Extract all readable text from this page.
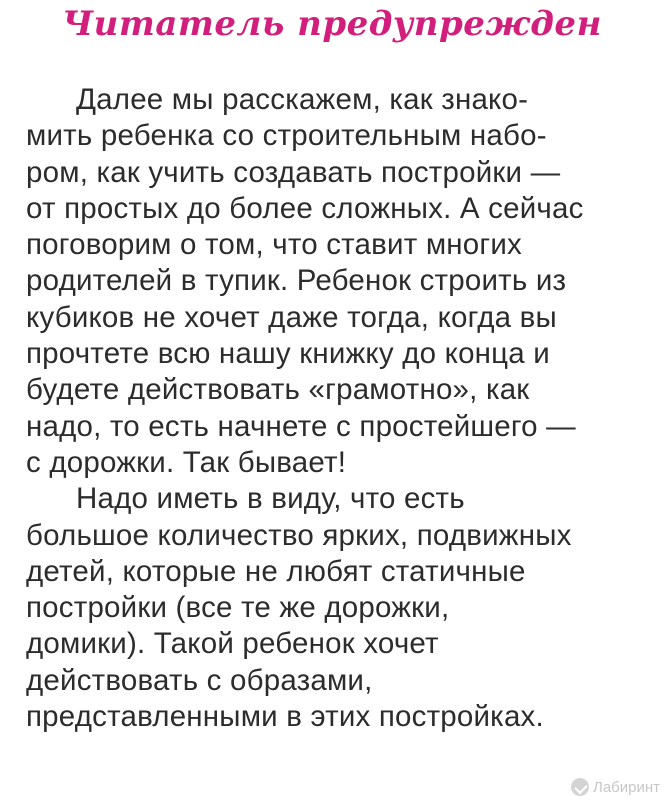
Читатель предупрежден
Далее мы расскажем, как знако-
мить ребенка со строительным набо-
ром, как учить создавать постройки —
от простых до более сложных. А сейчас
поговорим о том, что ставит многих
родителей в тупик. Ребенок строить из
кубиков не хочет даже тогда, когда вы
прочтете всю нашу книжку до конца и
будете действовать «грамотно», как
надо, то есть начнете с простейшего —
с дорожки. Так бывает!
Надо иметь в виду, что есть
большое количество ярких, подвижных
детей, которые не любят статичные
постройки (все те же дорожки,
домики). Такой ребенок хочет
действовать с образами,
представленными в этих постройках.
Лабиринт
